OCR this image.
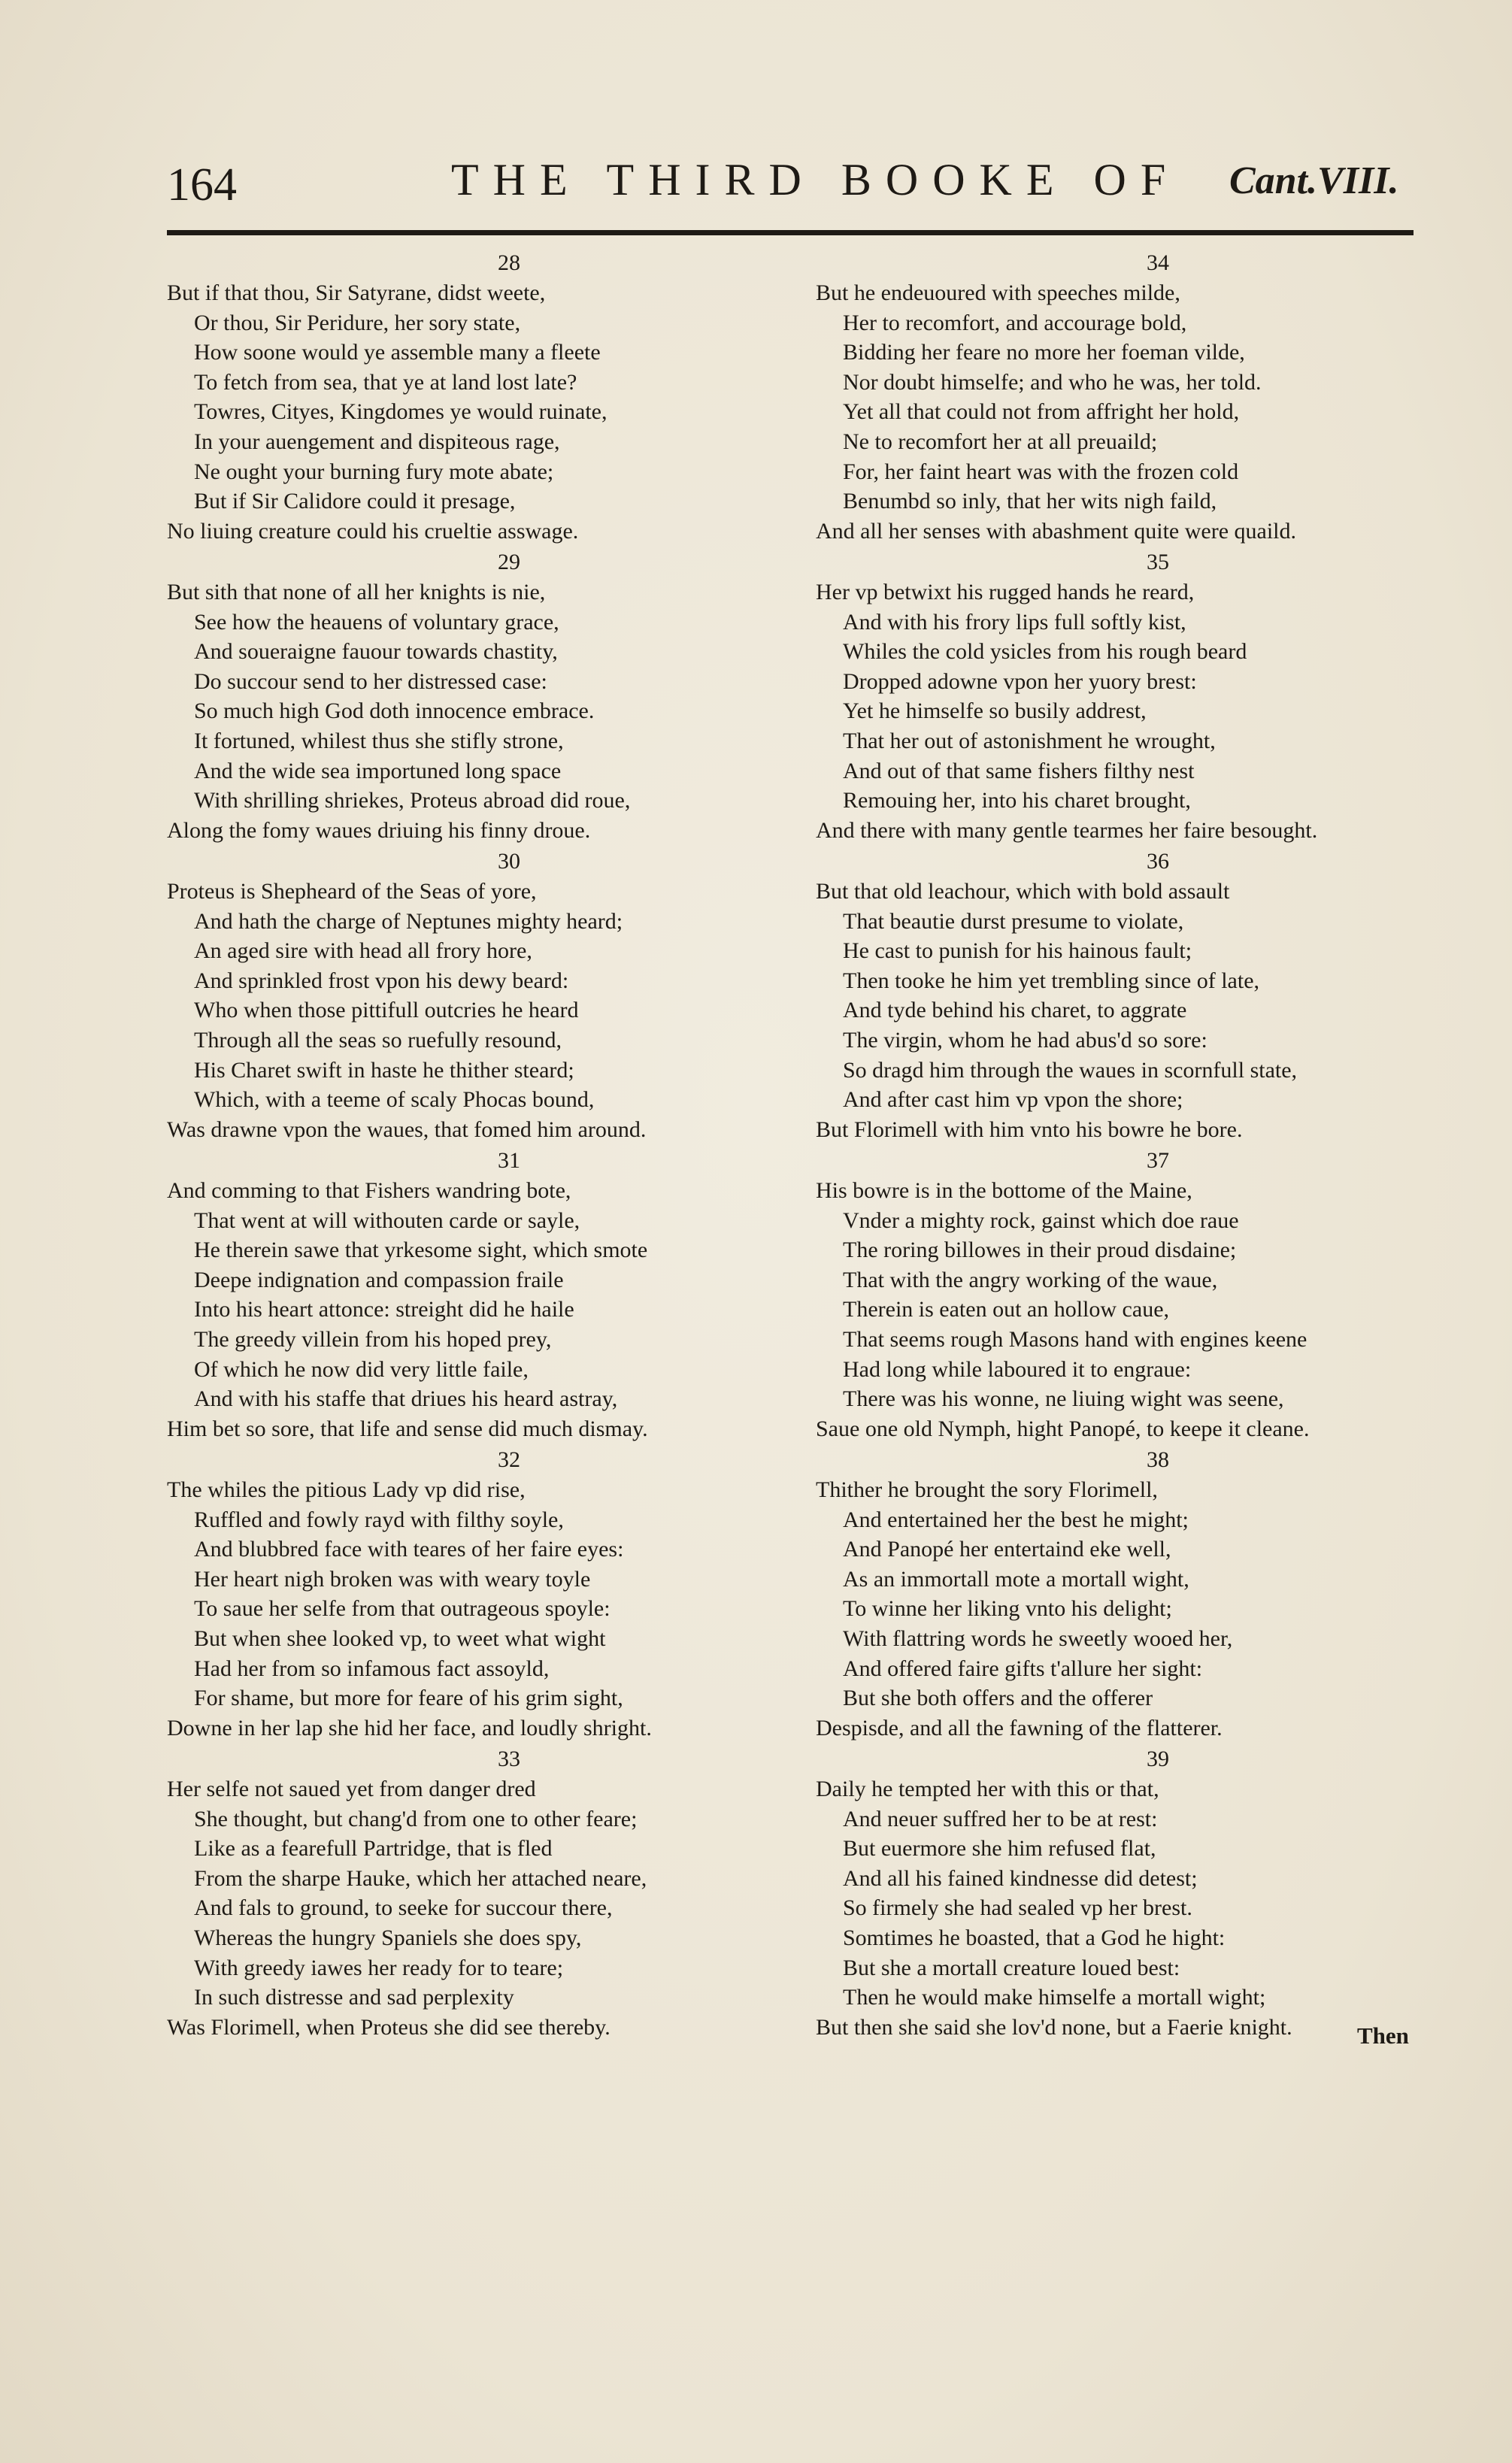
164	THE THIRD BOOKE OF Cant.VIII.
28
But if that thou, Sir Satyrane, didst weete,
Or thou, Sir Peridure, her sory state,
How soone would ye assemble many a fleete
To fetch from sea, that ye at land lost late?
Towres, Cityes, Kingdomes ye would ruinate,
In your auengement and dispiteous rage,
Ne ought your burning fury mote abate;
But if Sir Calidore could it presage,
No liuing creature could his crueltie asswage.
29
But sith that none of all her knights is nie,
See how the heauens of voluntary grace,
And soueraigne fauour towards chastity,
Do succour send to her distressed case:
So much high God doth innocence embrace.
It fortuned, whilest thus she stifly strone,
And the wide sea importuned long space
With shrilling shriekes, Proteus abroad did roue,
Along the fomy waues driuing his finny droue.
30
Proteus is Shepheard of the Seas of yore,
And hath the charge of Neptunes mighty heard;
An aged sire with head all frory hore,
And sprinkled frost vpon his dewy beard:
Who when those pittifull outcries he heard
Through all the seas so ruefully resound,
His Charet swift in haste he thither steard;
Which, with a teeme of scaly Phocas bound,
Was drawne vpon the waues, that fomed him around.
31
And comming to that Fishers wandring bote,
That went at will withouten carde or sayle,
He therein sawe that yrkesome sight, which smote
Deepe indignation and compassion fraile
Into his heart attonce: streight did he haile
The greedy villein from his hoped prey,
Of which he now did very little faile,
And with his staffe that driues his heard astray,
Him bet so sore, that life and sense did much dismay.
32
The whiles the pitious Lady vp did rise,
Ruffled and fowly rayd with filthy soyle,
And blubbred face with teares of her faire eyes:
Her heart nigh broken was with weary toyle
To saue her selfe from that outrageous spoyle:
But when shee looked vp, to weet what wight
Had her from so infamous fact assoyld,
For shame, but more for feare of his grim sight,
Downe in her lap she hid her face, and loudly shright.
33
Her selfe not saued yet from danger dred
She thought, but chang'd from one to other feare;
Like as a fearefull Partridge, that is fled
From the sharpe Hauke, which her attached neare,
And fals to ground, to seeke for succour there,
Whereas the hungry Spaniels she does spy,
With greedy iawes her ready for to teare;
In such distresse and sad perplexity
Was Florimell, when Proteus she did see thereby.
34
But he endeuoured with speeches milde,
Her to recomfort, and accourage bold,
Bidding her feare no more her foeman vilde,
Nor doubt himselfe; and who he was, her told.
Yet all that could not from affright her hold,
Ne to recomfort her at all preuaild;
For, her faint heart was with the frozen cold
Benumbd so inly, that her wits nigh faild,
And all her senses with abashment quite were quaild.
35
Her vp betwixt his rugged hands he reard,
And with his frory lips full softly kist,
Whiles the cold ysicles from his rough beard
Dropped adowne vpon her yuory brest:
Yet he himselfe so busily addrest,
That her out of astonishment he wrought,
And out of that same fishers filthy nest
Remouing her, into his charet brought,
And there with many gentle tearmes her faire besought.
36
But that old leachour, which with bold assault
That beautie durst presume to violate,
He cast to punish for his hainous fault;
Then tooke he him yet trembling since of late,
And tyde behind his charet, to aggrate
The virgin, whom he had abus'd so sore:
So dragd him through the waues in scornfull state,
And after cast him vp vpon the shore;
But Florimell with him vnto his bowre he bore.
37
His bowre is in the bottome of the Maine,
Vnder a mighty rock, gainst which doe raue
The roring billowes in their proud disdaine;
That with the angry working of the waue,
Therein is eaten out an hollow caue,
That seems rough Masons hand with engines keene
Had long while laboured it to engraue:
There was his wonne, ne liuing wight was seene,
Saue one old Nymph, hight Panopé, to keepe it cleane.
38
Thither he brought the sory Florimell,
And entertained her the best he might;
And Panopé her entertaind eke well,
As an immortall mote a mortall wight,
To winne her liking vnto his delight;
With flattring words he sweetly wooed her,
And offered faire gifts t'allure her sight:
But she both offers and the offerer
Despisde, and all the fawning of the flatterer.
39
Daily he tempted her with this or that,
And neuer suffred her to be at rest:
But euermore she him refused flat,
And all his fained kindnesse did detest;
So firmely she had sealed vp her brest.
Somtimes he boasted, that a God he hight:
But she a mortall creature loued best:
Then he would make himselfe a mortall wight;
But then she said she lov'd none, but a Faerie knight.	Then
